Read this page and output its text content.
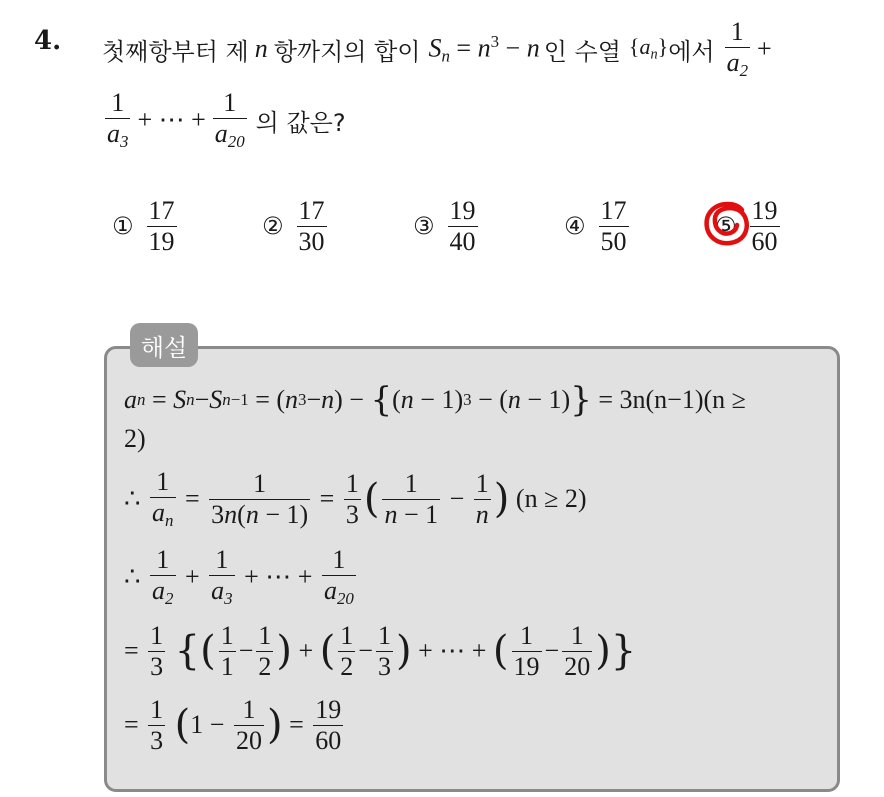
4. 첫째항부터 제 n 항까지의 합이 $S_n = n^3 - n$ 인 수열 $\{a_n\}$ 에서 $\frac{1}{a_2}$ +
$\frac{1}{a_3}$ + ⋯ + $\frac{1}{a_{20}}$ 의 값은?
① $\frac{17}{19}$	② $\frac{17}{30}$	③ $\frac{19}{40}$	④ $\frac{17}{50}$	⑤ $\frac{19}{60}$
해설
a n = S n − S n −1 = ( n 3 − n ) − { ( n − 1) 3 − ( n − 1) }
= 3n(n−1)(n ≥
2)
∴ $\frac{1}{a_n} = \frac{1}{3n(n - 1)} = \frac{1}{3}$ ( $\frac{1}{n - 1} - \frac{1}{n}$ )
(n ≥ 2)
∴ $\frac{1}{a_2} + \frac{1}{a_3}$ + ⋯ + $\frac{1}{a_{20}}$
= $\frac{1}{3}$
{ ( $\frac{1}{1} - \frac{1}{2}$ ) + ( $\frac{1}{2} - \frac{1}{3}$ ) + ⋯ + ( $\frac{1}{19} - \frac{1}{20}$ ) }
= $\frac{1}{3}$
( $1 - \frac{1}{20}$ ) = $\frac{19}{60}$
